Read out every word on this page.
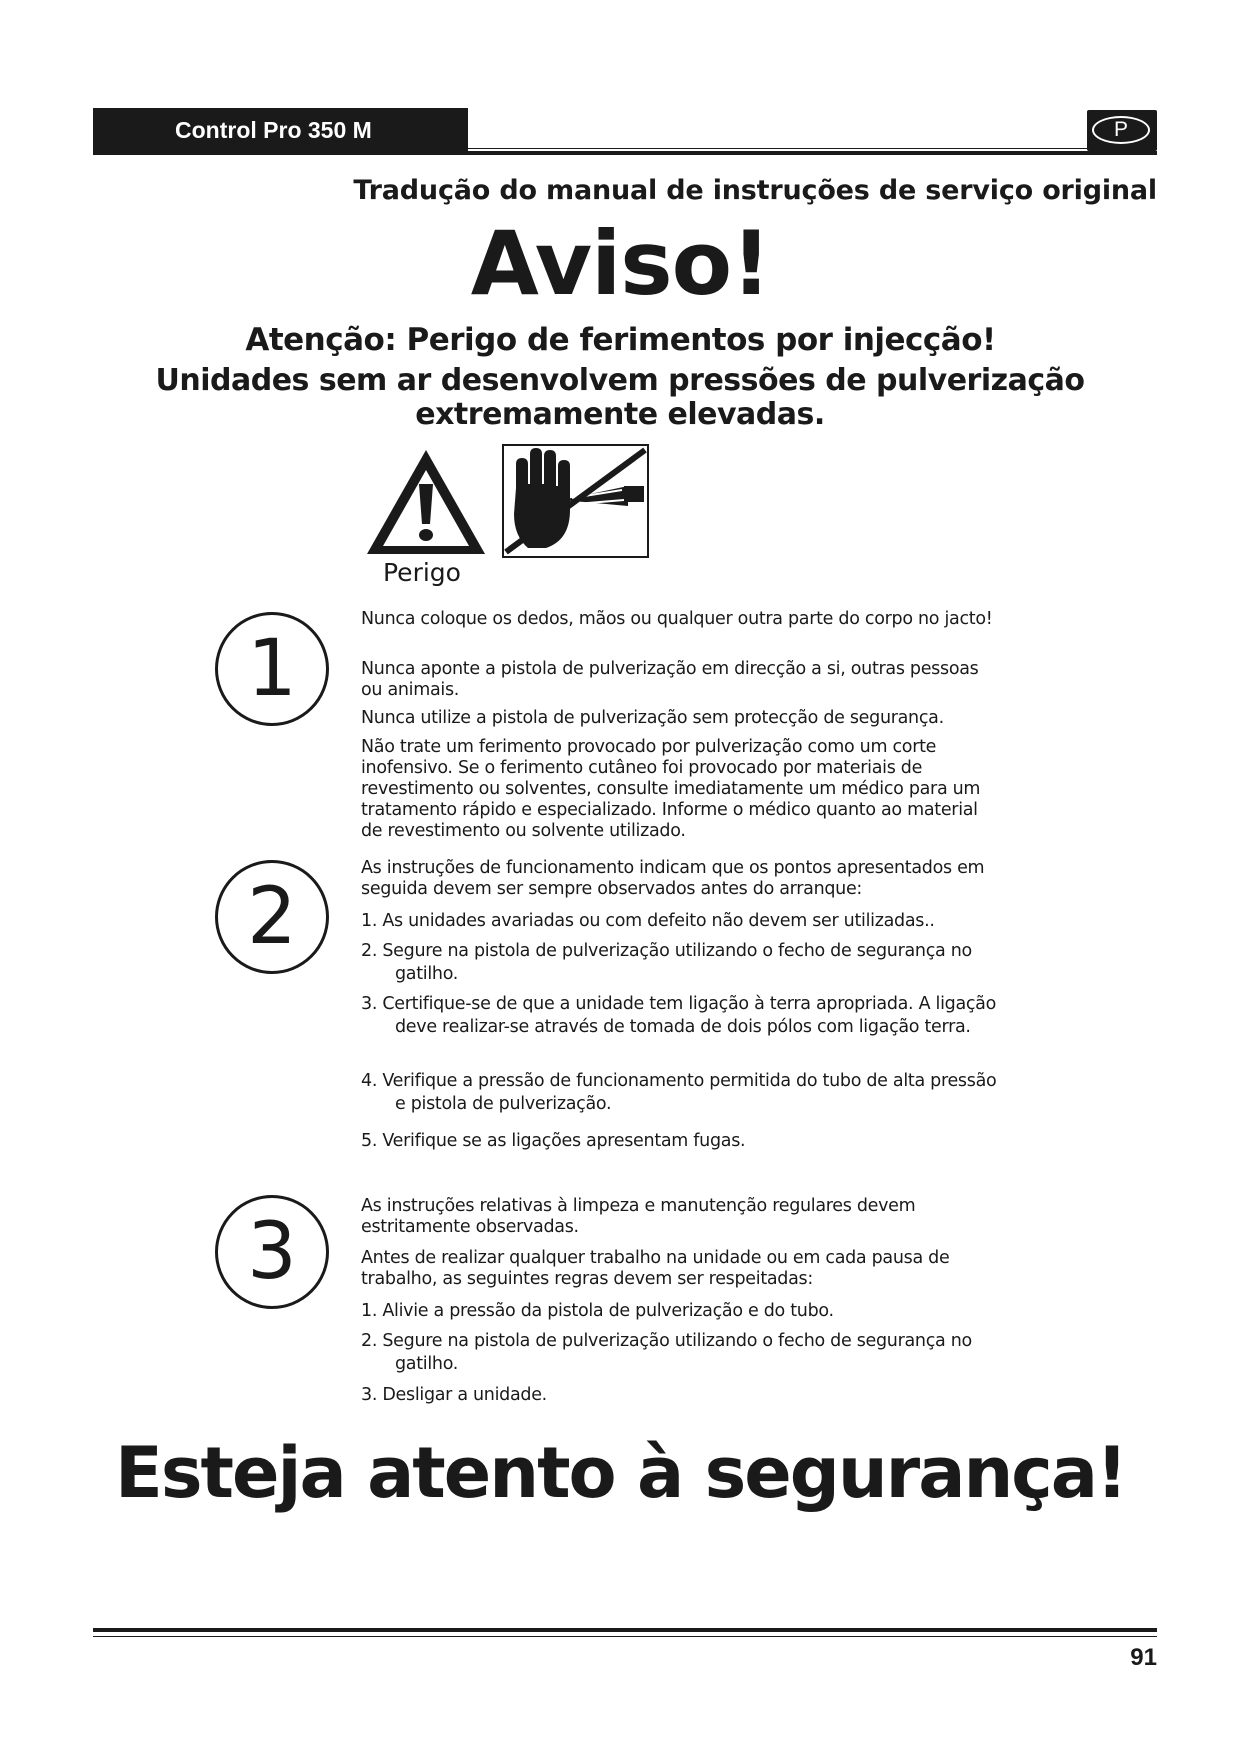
Control Pro 350 M	P
Tradução do manual de instruções de serviço original
Aviso!
Atenção: Perigo de ferimentos por injecção!
Unidades sem ar desenvolvem pressões de pulverização
extremamente elevadas.
Perigo
1
Nunca coloque os dedos, mãos ou qualquer outra parte do corpo no jacto!
Nunca aponte a pistola de pulverização em direcção a si, outras pessoas ou animais.
Nunca utilize a pistola de pulverização sem protecção de segurança.
Não trate um ferimento provocado por pulverização como um corte inofensivo. Se o ferimento cutâneo foi provocado por materiais de revestimento ou solventes, consulte imediatamente um médico para um tratamento rápido e especializado. Informe o médico quanto ao material de revestimento ou solvente utilizado.
2
As instruções de funcionamento indicam que os pontos apresentados em seguida devem ser sempre observados antes do arranque:
1. As unidades avariadas ou com defeito não devem ser utilizadas..
2. Segure na pistola de pulverização utilizando o fecho de segurança no gatilho.
3. Certifique-se de que a unidade tem ligação à terra apropriada. A ligação deve realizar-se através de tomada de dois pólos com ligação terra.
4. Verifique a pressão de funcionamento permitida do tubo de alta pressão e pistola de pulverização.
5. Verifique se as ligações apresentam fugas.
3
As instruções relativas à limpeza e manutenção regulares devem estritamente observadas.
Antes de realizar qualquer trabalho na unidade ou em cada pausa de trabalho, as seguintes regras devem ser respeitadas:
1. Alivie a pressão da pistola de pulverização e do tubo.
2. Segure na pistola de pulverização utilizando o fecho de segurança no gatilho.
3. Desligar a unidade.
Esteja atento à segurança!
91
